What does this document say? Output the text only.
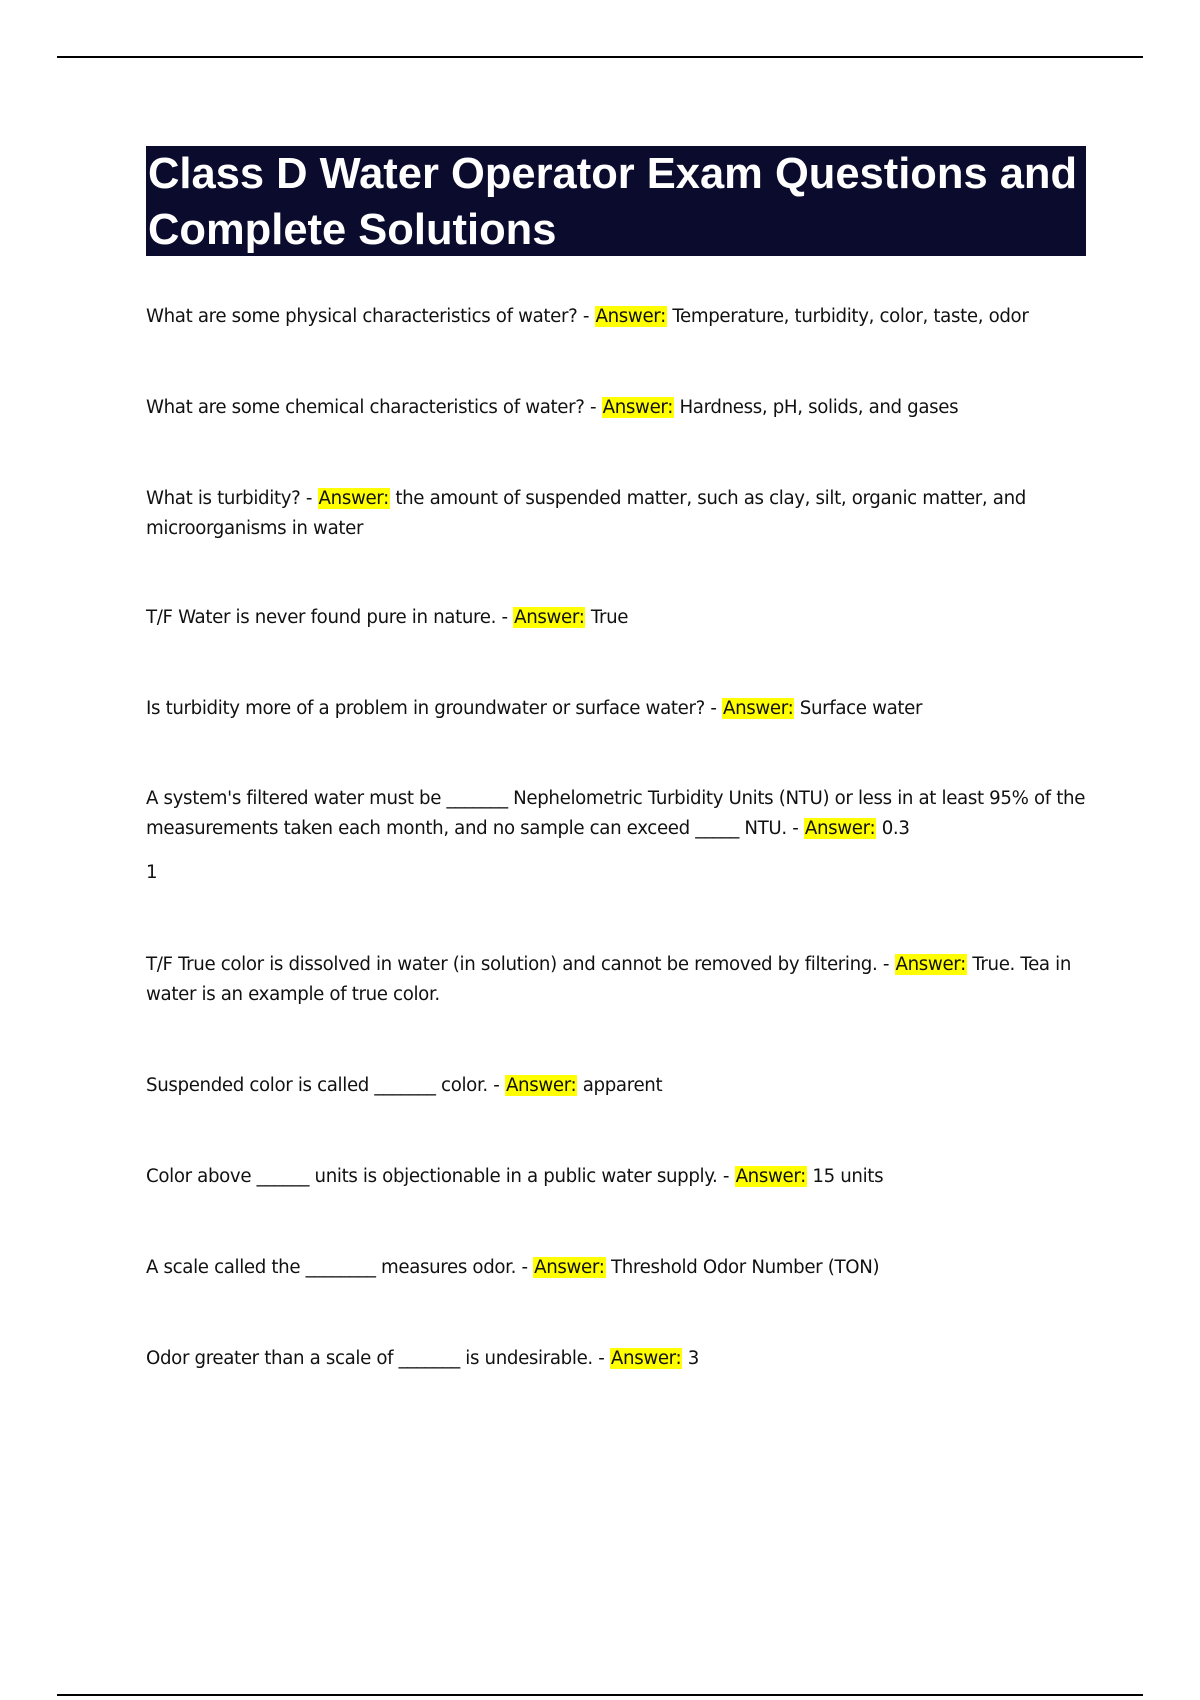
Class D Water Operator Exam Questions and Complete Solutions
What are some physical characteristics of water? - Answer: Temperature, turbidity, color, taste, odor
What are some chemical characteristics of water? - Answer: Hardness, pH, solids, and gases
What is turbidity? - Answer: the amount of suspended matter, such as clay, silt, organic matter, and microorganisms in water
T/F Water is never found pure in nature. - Answer: True
Is turbidity more of a problem in groundwater or surface water? - Answer: Surface water
A system's filtered water must be _______ Nephelometric Turbidity Units (NTU) or less in at least 95% of the measurements taken each month, and no sample can exceed _____ NTU. - Answer: 0.3
1
T/F True color is dissolved in water (in solution) and cannot be removed by filtering. - Answer: True. Tea in water is an example of true color.
Suspended color is called _______ color. - Answer: apparent
Color above ______ units is objectionable in a public water supply. - Answer: 15 units
A scale called the ________ measures odor. - Answer: Threshold Odor Number (TON)
Odor greater than a scale of _______ is undesirable. - Answer: 3
